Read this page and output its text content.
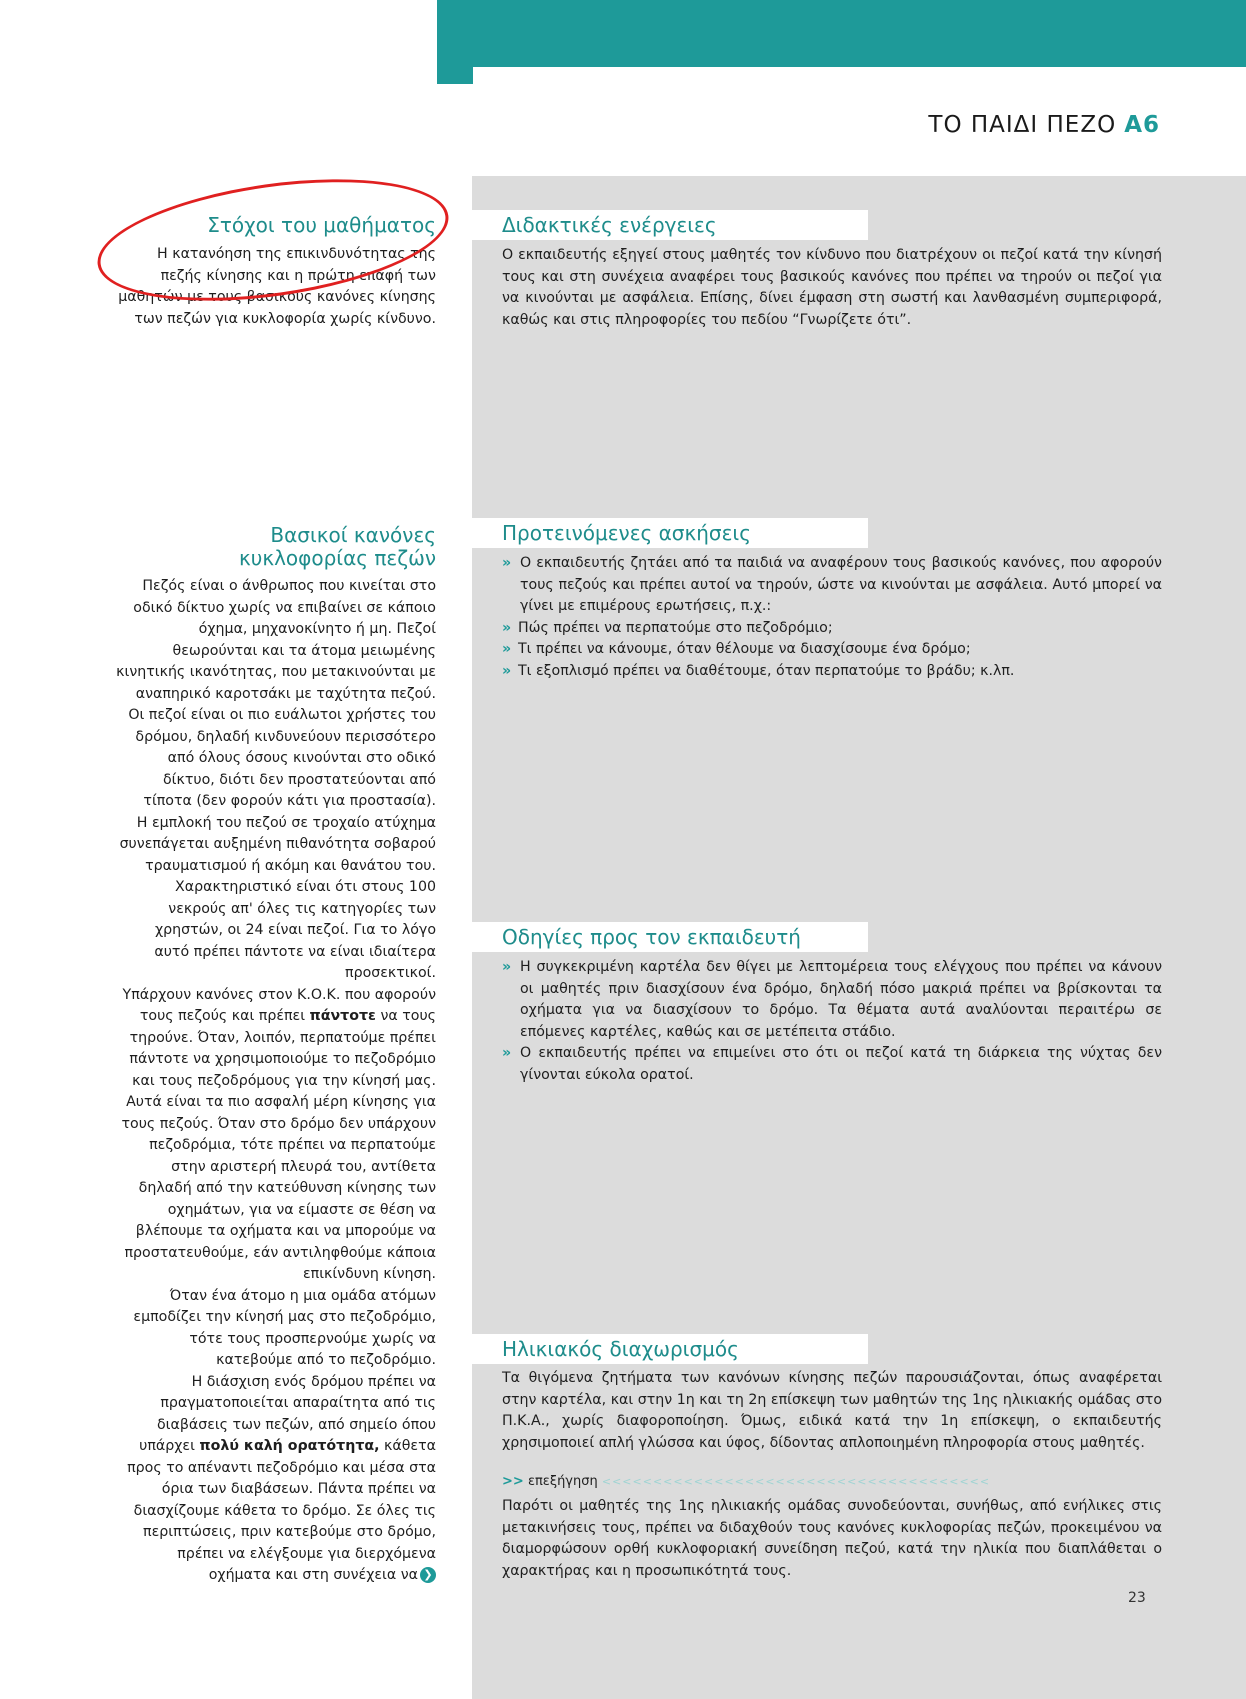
ΤΟ ΠΑΙΔΙ ΠΕΖΟ Α6
Στόχοι του μαθήματος

Η κατανόηση της επικινδυνότητας της πεζής κίνησης και η πρώτη επαφή των μαθητών με τους βασικούς κανόνες κίνησης των πεζών για κυκλοφορία χωρίς κίνδυνο.

Βασικοί κανόνες
κυκλοφορίας πεζών

Πεζός είναι ο άνθρωπος που κινείται στο οδικό δίκτυο χωρίς να επιβαίνει σε κάποιο όχημα, μηχανοκίνητο ή μη. Πεζοί θεωρούνται και τα άτομα μειωμένης κινητικής ικανότητας, που μετακινούνται με αναπηρικό καροτσάκι με ταχύτητα πεζού.

Οι πεζοί είναι οι πιο ευάλωτοι χρήστες του δρόμου, δηλαδή κινδυνεύουν περισσότερο από όλους όσους κινούνται στο οδικό δίκτυο, διότι δεν προστατεύονται από τίποτα (δεν φορούν κάτι για προστασία).

Η εμπλοκή του πεζού σε τροχαίο ατύχημα συνεπάγεται αυξημένη πιθανότητα σοβαρού τραυματισμού ή ακόμη και θανάτου του. Χαρακτηριστικό είναι ότι στους 100 νεκρούς απ' όλες τις κατηγορίες των χρηστών, οι 24 είναι πεζοί. Για το λόγο αυτό πρέπει πάντοτε να είναι ιδιαίτερα προσεκτικοί.

Υπάρχουν κανόνες στον Κ.Ο.Κ. που αφορούν τους πεζούς και πρέπει πάντοτε να τους τηρούνε. Όταν, λοιπόν, περπατούμε πρέπει πάντοτε να χρησιμοποιούμε το πεζοδρόμιο και τους πεζοδρόμους για την κίνησή μας. Αυτά είναι τα πιο ασφαλή μέρη κίνησης για τους πεζούς. Όταν στο δρόμο δεν υπάρχουν πεζοδρόμια, τότε πρέπει να περπατούμε στην αριστερή πλευρά του, αντίθετα δηλαδή από την κατεύθυνση κίνησης των οχημάτων, για να είμαστε σε θέση να βλέπουμε τα οχήματα και να μπορούμε να προστατευθούμε, εάν αντιληφθούμε κάποια επικίνδυνη κίνηση.

Όταν ένα άτομο η μια ομάδα ατόμων εμποδίζει την κίνησή μας στο πεζοδρόμιο, τότε τους προσπερνούμε χωρίς να κατεβούμε από το πεζοδρόμιο.

Η διάσχιση ενός δρόμου πρέπει να πραγματοποιείται απαραίτητα από τις διαβάσεις των πεζών, από σημείο όπου υπάρχει πολύ καλή ορατότητα, κάθετα προς το απέναντι πεζοδρόμιο και μέσα στα όρια των διαβάσεων. Πάντα πρέπει να διασχίζουμε κάθετα το δρόμο. Σε όλες τις περιπτώσεις, πριν κατεβούμε στο δρόμο, πρέπει να ελέγξουμε για διερχόμενα οχήματα και στη συνέχεια να ❯

Διδακτικές ενέργειες

Ο εκπαιδευτής εξηγεί στους μαθητές τον κίνδυνο που διατρέχουν οι πεζοί κατά την κίνησή τους και στη συνέχεια αναφέρει τους βασικούς κανόνες που πρέπει να τηρούν οι πεζοί για να κινούνται με ασφάλεια. Επίσης, δίνει έμφαση στη σωστή και λανθασμένη συμπεριφορά, καθώς και στις πληροφορίες του πεδίου “Γνωρίζετε ότι”.

Προτεινόμενες ασκήσεις

» Ο εκπαιδευτής ζητάει από τα παιδιά να αναφέρουν τους βασικούς κανόνες, που αφορούν τους πεζούς και πρέπει αυτοί να τηρούν, ώστε να κινούνται με ασφάλεια. Αυτό μπορεί να γίνει με επιμέρους ερωτήσεις, π.χ.:

» Πώς πρέπει να περπατούμε στο πεζοδρόμιο;

» Τι πρέπει να κάνουμε, όταν θέλουμε να διασχίσουμε ένα δρόμο;

» Τι εξοπλισμό πρέπει να διαθέτουμε, όταν περπατούμε το βράδυ; κ.λπ.

Οδηγίες προς τον εκπαιδευτή

» Η συγκεκριμένη καρτέλα δεν θίγει με λεπτομέρεια τους ελέγχους που πρέπει να κάνουν οι μαθητές πριν διασχίσουν ένα δρόμο, δηλαδή πόσο μακριά πρέπει να βρίσκονται τα οχήματα για να διασχίσουν το δρόμο. Τα θέματα αυτά αναλύονται περαιτέρω σε επόμενες καρτέλες, καθώς και σε μετέπειτα στάδιο.

» Ο εκπαιδευτής πρέπει να επιμείνει στο ότι οι πεζοί κατά τη διάρκεια της νύχτας δεν γίνονται εύκολα ορατοί.

Ηλικιακός διαχωρισμός

Τα θιγόμενα ζητήματα των κανόνων κίνησης πεζών παρουσιάζονται, όπως αναφέρεται στην καρτέλα, και στην 1η και τη 2η επίσκεψη των μαθητών της 1ης ηλικιακής ομάδας στο Π.Κ.Α., χωρίς διαφοροποίηση. Όμως, ειδικά κατά την 1η επίσκεψη, ο εκπαιδευτής χρησιμοποιεί απλή γλώσσα και ύφος, δίδοντας απλοποιημένη πληροφορία στους μαθητές.

>> επεξήγηση <<<<<<<<<<<<<<<<<<<<<<<<<<<<<<<<<<<<<<

Παρότι οι μαθητές της 1ης ηλικιακής ομάδας συνοδεύονται, συνήθως, από ενήλικες στις μετακινήσεις τους, πρέπει να διδαχθούν τους κανόνες κυκλοφορίας πεζών, προκειμένου να διαμορφώσουν ορθή κυκλοφοριακή συνείδηση πεζού, κατά την ηλικία που διαπλάθεται ο χαρακτήρας και η προσωπικότητά τους.

23
